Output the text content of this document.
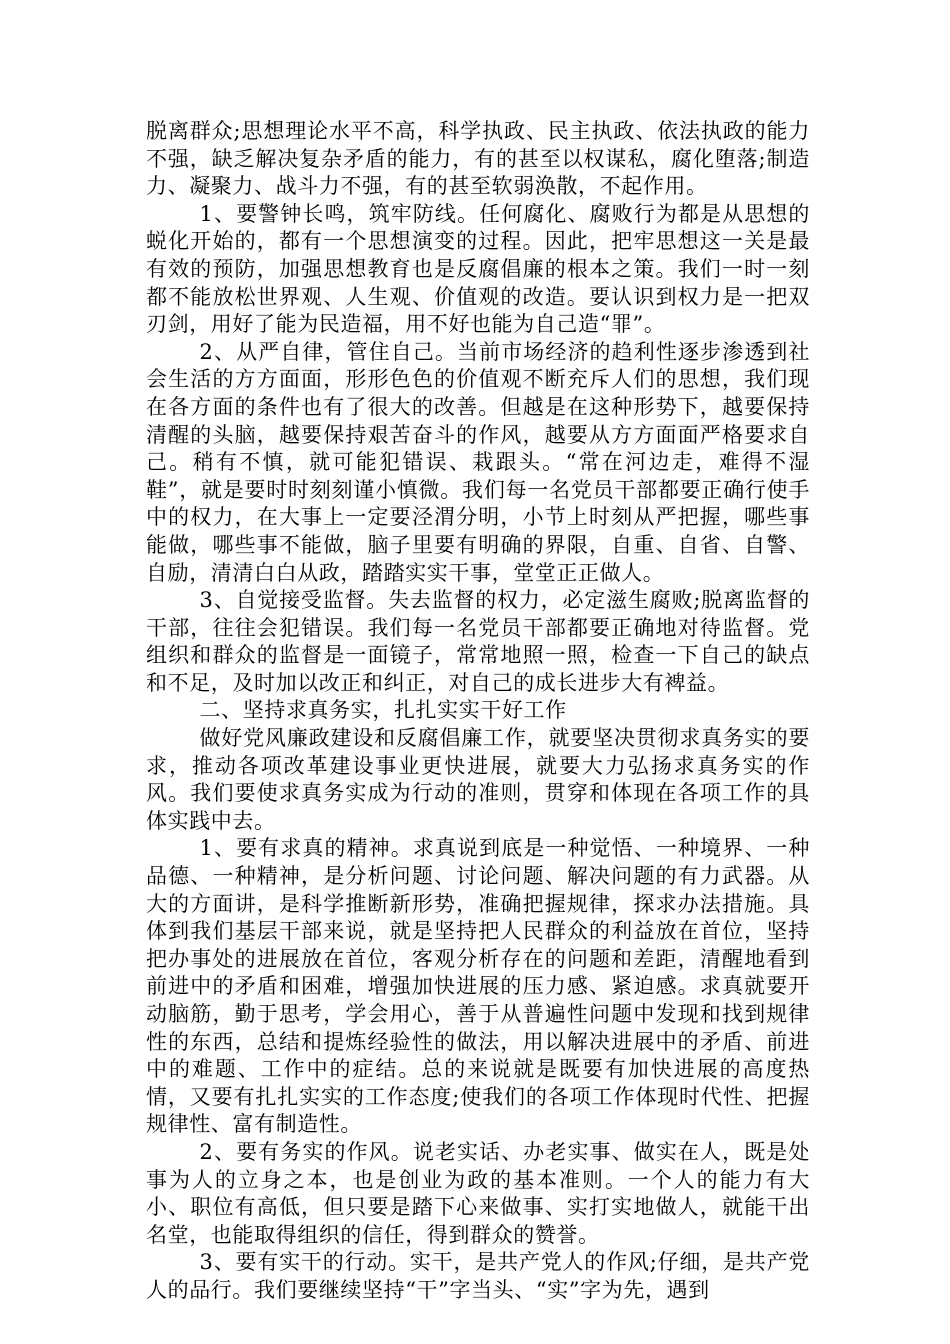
脱离群众;思想理论水平不高，科学执政、民主执政、依法执政的能力不强，缺乏解决复杂矛盾的能力，有的甚至以权谋私，腐化堕落;制造力、凝聚力、战斗力不强，有的甚至软弱涣散，不起作用。

1、要警钟长鸣，筑牢防线。任何腐化、腐败行为都是从思想的蜕化开始的，都有一个思想演变的过程。因此，把牢思想这一关是最有效的预防，加强思想教育也是反腐倡廉的根本之策。我们一时一刻都不能放松世界观、人生观、价值观的改造。要认识到权力是一把双刃剑，用好了能为民造福，用不好也能为自己造“罪”。

2、从严自律，管住自己。当前市场经济的趋利性逐步渗透到社会生活的方方面面，形形色色的价值观不断充斥人们的思想，我们现在各方面的条件也有了很大的改善。但越是在这种形势下，越要保持清醒的头脑，越要保持艰苦奋斗的作风，越要从方方面面严格要求自己。稍有不慎，就可能犯错误、栽跟头。“常在河边走，难得不湿鞋”，就是要时时刻刻谨小慎微。我们每一名党员干部都要正确行使手中的权力，在大事上一定要泾渭分明，小节上时刻从严把握，哪些事能做，哪些事不能做，脑子里要有明确的界限，自重、自省、自警、自励，清清白白从政，踏踏实实干事，堂堂正正做人。

3、自觉接受监督。失去监督的权力，必定滋生腐败;脱离监督的干部，往往会犯错误。我们每一名党员干部都要正确地对待监督。党组织和群众的监督是一面镜子，常常地照一照，检查一下自己的缺点和不足，及时加以改正和纠正，对自己的成长进步大有裨益。

二、坚持求真务实，扎扎实实干好工作

做好党风廉政建设和反腐倡廉工作，就要坚决贯彻求真务实的要求，推动各项改革建设事业更快进展，就要大力弘扬求真务实的作风。我们要使求真务实成为行动的准则，贯穿和体现在各项工作的具体实践中去。

1、要有求真的精神。求真说到底是一种觉悟、一种境界、一种品德、一种精神，是分析问题、讨论问题、解决问题的有力武器。从大的方面讲，是科学推断新形势，准确把握规律，探求办法措施。具体到我们基层干部来说，就是坚持把人民群众的利益放在首位，坚持把办事处的进展放在首位，客观分析存在的问题和差距，清醒地看到前进中的矛盾和困难，增强加快进展的压力感、紧迫感。求真就要开动脑筋，勤于思考，学会用心，善于从普遍性问题中发现和找到规律性的东西，总结和提炼经验性的做法，用以解决进展中的矛盾、前进中的难题、工作中的症结。总的来说就是既要有加快进展的高度热情，又要有扎扎实实的工作态度;使我们的各项工作体现时代性、把握规律性、富有制造性。

2、要有务实的作风。说老实话、办老实事、做实在人，既是处事为人的立身之本，也是创业为政的基本准则。一个人的能力有大小、职位有高低，但只要是踏下心来做事、实打实地做人，就能干出名堂，也能取得组织的信任，得到群众的赞誉。

3、要有实干的行动。实干，是共产党人的作风;仔细，是共产党人的品行。我们要继续坚持“干”字当头、“实”字为先，遇到
